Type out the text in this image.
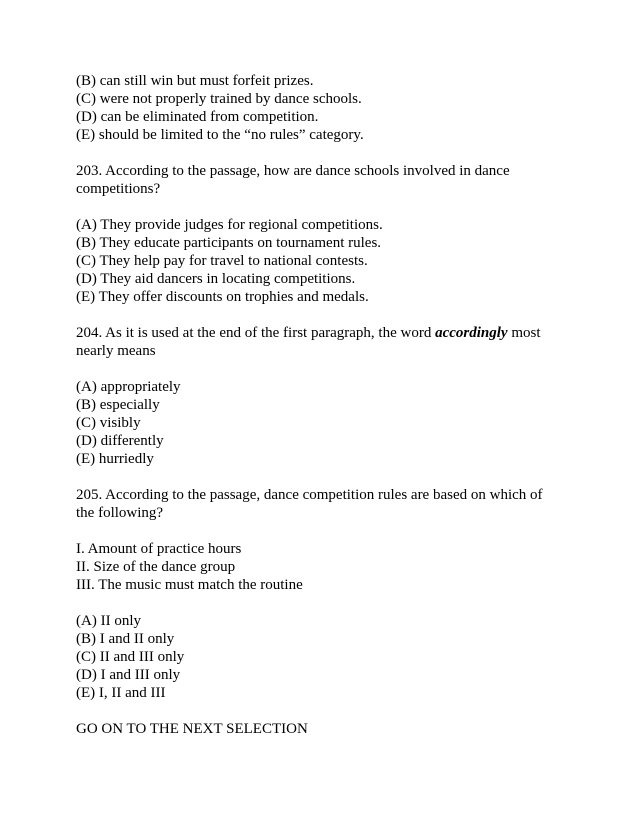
(B) can still win but must forfeit prizes.
(C) were not properly trained by dance schools.
(D) can be eliminated from competition.
(E) should be limited to the “no rules” category.
203. According to the passage, how are dance schools involved in dance
competitions?
(A) They provide judges for regional competitions.
(B) They educate participants on tournament rules.
(C) They help pay for travel to national contests.
(D) They aid dancers in locating competitions.
(E) They offer discounts on trophies and medals.
204. As it is used at the end of the first paragraph, the word accordingly most
nearly means
(A) appropriately
(B) especially
(C) visibly
(D) differently
(E) hurriedly
205. According to the passage, dance competition rules are based on which of
the following?
I. Amount of practice hours
II. Size of the dance group
III. The music must match the routine
(A) II only
(B) I and II only
(C) II and III only
(D) I and III only
(E) I, II and III
GO ON TO THE NEXT SELECTION
